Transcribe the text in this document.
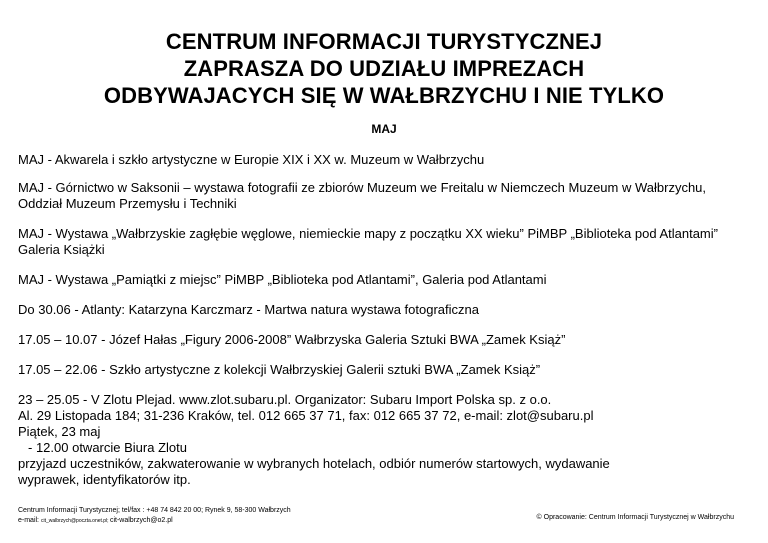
CENTRUM INFORMACJI TURYSTYCZNEJ
ZAPRASZA DO UDZIAŁU IMPREZACH
ODBYWAJACYCH SIĘ W WAŁBRZYCHU I NIE TYLKO
MAJ

MAJ - Akwarela i szkło artystyczne w Europie XIX i XX w. Muzeum w Wałbrzychu

MAJ - Górnictwo w Saksonii – wystawa fotografii ze zbiorów Muzeum we Freitalu w Niemczech Muzeum w Wałbrzychu, Oddział Muzeum Przemysłu i Techniki

MAJ - Wystawa „Wałbrzyskie zagłębie węglowe, niemieckie mapy z początku XX wieku” PiMBP „Biblioteka pod Atlantami” Galeria Książki

MAJ - Wystawa „Pamiątki z miejsc” PiMBP „Biblioteka pod Atlantami”, Galeria pod Atlantami

Do 30.06 - Atlanty: Katarzyna Karczmarz - Martwa natura wystawa fotograficzna

17.05 – 10.07 - Józef Hałas „Figury 2006-2008” Wałbrzyska Galeria Sztuki BWA „Zamek Książ”

17.05 – 22.06 - Szkło artystyczne z kolekcji Wałbrzyskiej Galerii sztuki BWA „Zamek Książ”

23 – 25.05 - V Zlotu Plejad. www.zlot.subaru.pl. Organizator: Subaru Import Polska sp. z o.o.
Al. 29 Listopada 184; 31-236 Kraków, tel. 012 665 37 71, fax: 012 665 37 72, e-mail: zlot@subaru.pl
Piątek, 23 maj
- 12.00 otwarcie Biura Zlotu
przyjazd uczestników, zakwaterowanie w wybranych hotelach, odbiór numerów startowych, wydawanie
wyprawek, identyfikatorów itp.
Centrum Informacji Turystycznej; tel/fax : +48 74 842 20 00; Rynek 9, 58-300 Wałbrzych
e-mail: cit_walbrzych@poczta.onet.pl; cit-walbrzych@o2.pl	© Opracowanie: Centrum Informacji Turystycznej w Wałbrzychu
